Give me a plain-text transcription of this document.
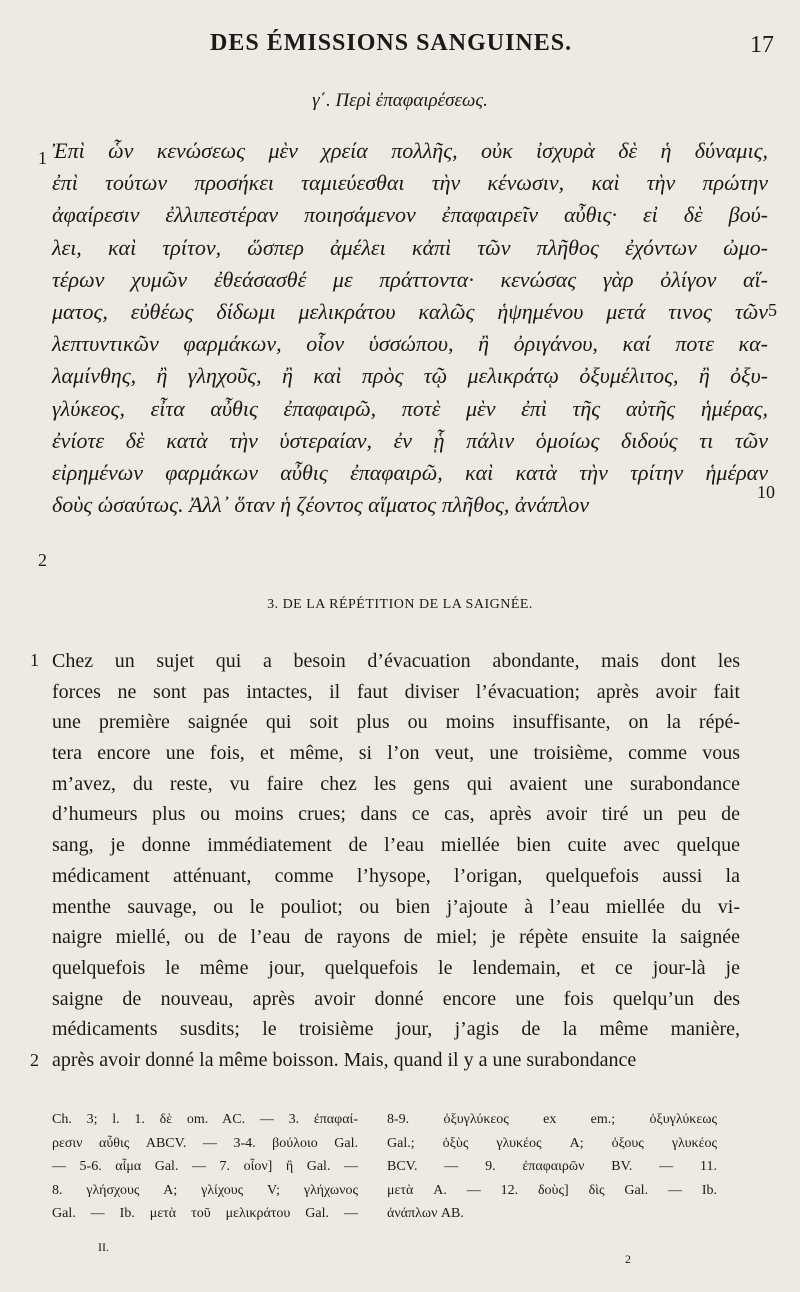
DES ÉMISSIONS SANGUINES.	17
γ΄. Περὶ ἐπαφαιρέσεως.
1
2
5
10
Ἐπὶ ὧν κενώσεως μὲν χρεία πολλῆς, οὐκ ἰσχυρὰ δὲ ἡ δύναμις,
ἐπὶ τούτων προσήκει ταμιεύεσθαι τὴν κένωσιν, καὶ τὴν πρώτην
ἀφαίρεσιν ἐλλιπεστέραν ποιησάμενον ἐπαφαιρεῖν αὖθις· εἰ δὲ βού-
λει, καὶ τρίτον, ὥσπερ ἀμέλει κἀπὶ τῶν πλῆθος ἐχόντων ὠμο-
τέρων χυμῶν ἐθεάσασθέ με πράττοντα· κενώσας γὰρ ὀλίγον αἵ-
ματος, εὐθέως δίδωμι μελικράτου καλῶς ἡψημένου μετά τινος τῶν
λεπτυντικῶν φαρμάκων, οἷον ὑσσώπου, ἢ ὀριγάνου, καί ποτε κα-
λαμίνθης, ἢ γληχοῦς, ἢ καὶ πρὸς τῷ μελικράτῳ ὀξυμέλιτος, ἢ ὀξυ-
γλύκεος, εἶτα αὖθις ἐπαφαιρῶ, ποτὲ μὲν ἐπὶ τῆς αὐτῆς ἡμέρας,
ἐνίοτε δὲ κατὰ τὴν ὑστεραίαν, ἐν ᾗ πάλιν ὁμοίως διδούς τι τῶν
εἰρημένων φαρμάκων αὖθις ἐπαφαιρῶ, καὶ κατὰ τὴν τρίτην ἡμέραν
δοὺς ὡσαύτως. Ἀλλ᾽ ὅταν ἡ ζέοντος αἵματος πλῆθος, ἀνάπλον
3. DE LA RÉPÉTITION DE LA SAIGNÉE.
1
2
Chez un sujet qui a besoin d’évacuation abondante, mais dont les
forces ne sont pas intactes, il faut diviser l’évacuation; après avoir fait
une première saignée qui soit plus ou moins insuffisante, on la répé-
tera encore une fois, et même, si l’on veut, une troisième, comme vous
m’avez, du reste, vu faire chez les gens qui avaient une surabondance
d’humeurs plus ou moins crues; dans ce cas, après avoir tiré un peu de
sang, je donne immédiatement de l’eau miellée bien cuite avec quelque
médicament atténuant, comme l’hysope, l’origan, quelquefois aussi la
menthe sauvage, ou le pouliot; ou bien j’ajoute à l’eau miellée du vi-
naigre miellé, ou de l’eau de rayons de miel; je répète ensuite la saignée
quelquefois le même jour, quelquefois le lendemain, et ce jour-là je
saigne de nouveau, après avoir donné encore une fois quelqu’un des
médicaments susdits; le troisième jour, j’agis de la même manière,
après avoir donné la même boisson. Mais, quand il y a une surabondance
Ch. 3; l. 1. δὲ om. AC. — 3. ἐπαφαί-
ρεσιν αὖθις ABCV. — 3-4. βούλοιο Gal.
— 5-6. αἷμα Gal. — 7. οἷον] ἢ Gal. —
8. γλήσχους A; γλίχους V; γλήχωνος
Gal. — Ib. μετὰ τοῦ μελικράτου Gal. —
8-9. ὀξυγλύκεος ex em.; ὀξυγλύκεως
Gal.; ὀξὺς γλυκέος A; ὀξους γλυκέος
BCV. — 9. ἐπαφαιρῶν BV. — 11.
μετὰ A. — 12. δοὺς] δὶς Gal. — Ib.
ἀνάπλων AB.
II.
2
